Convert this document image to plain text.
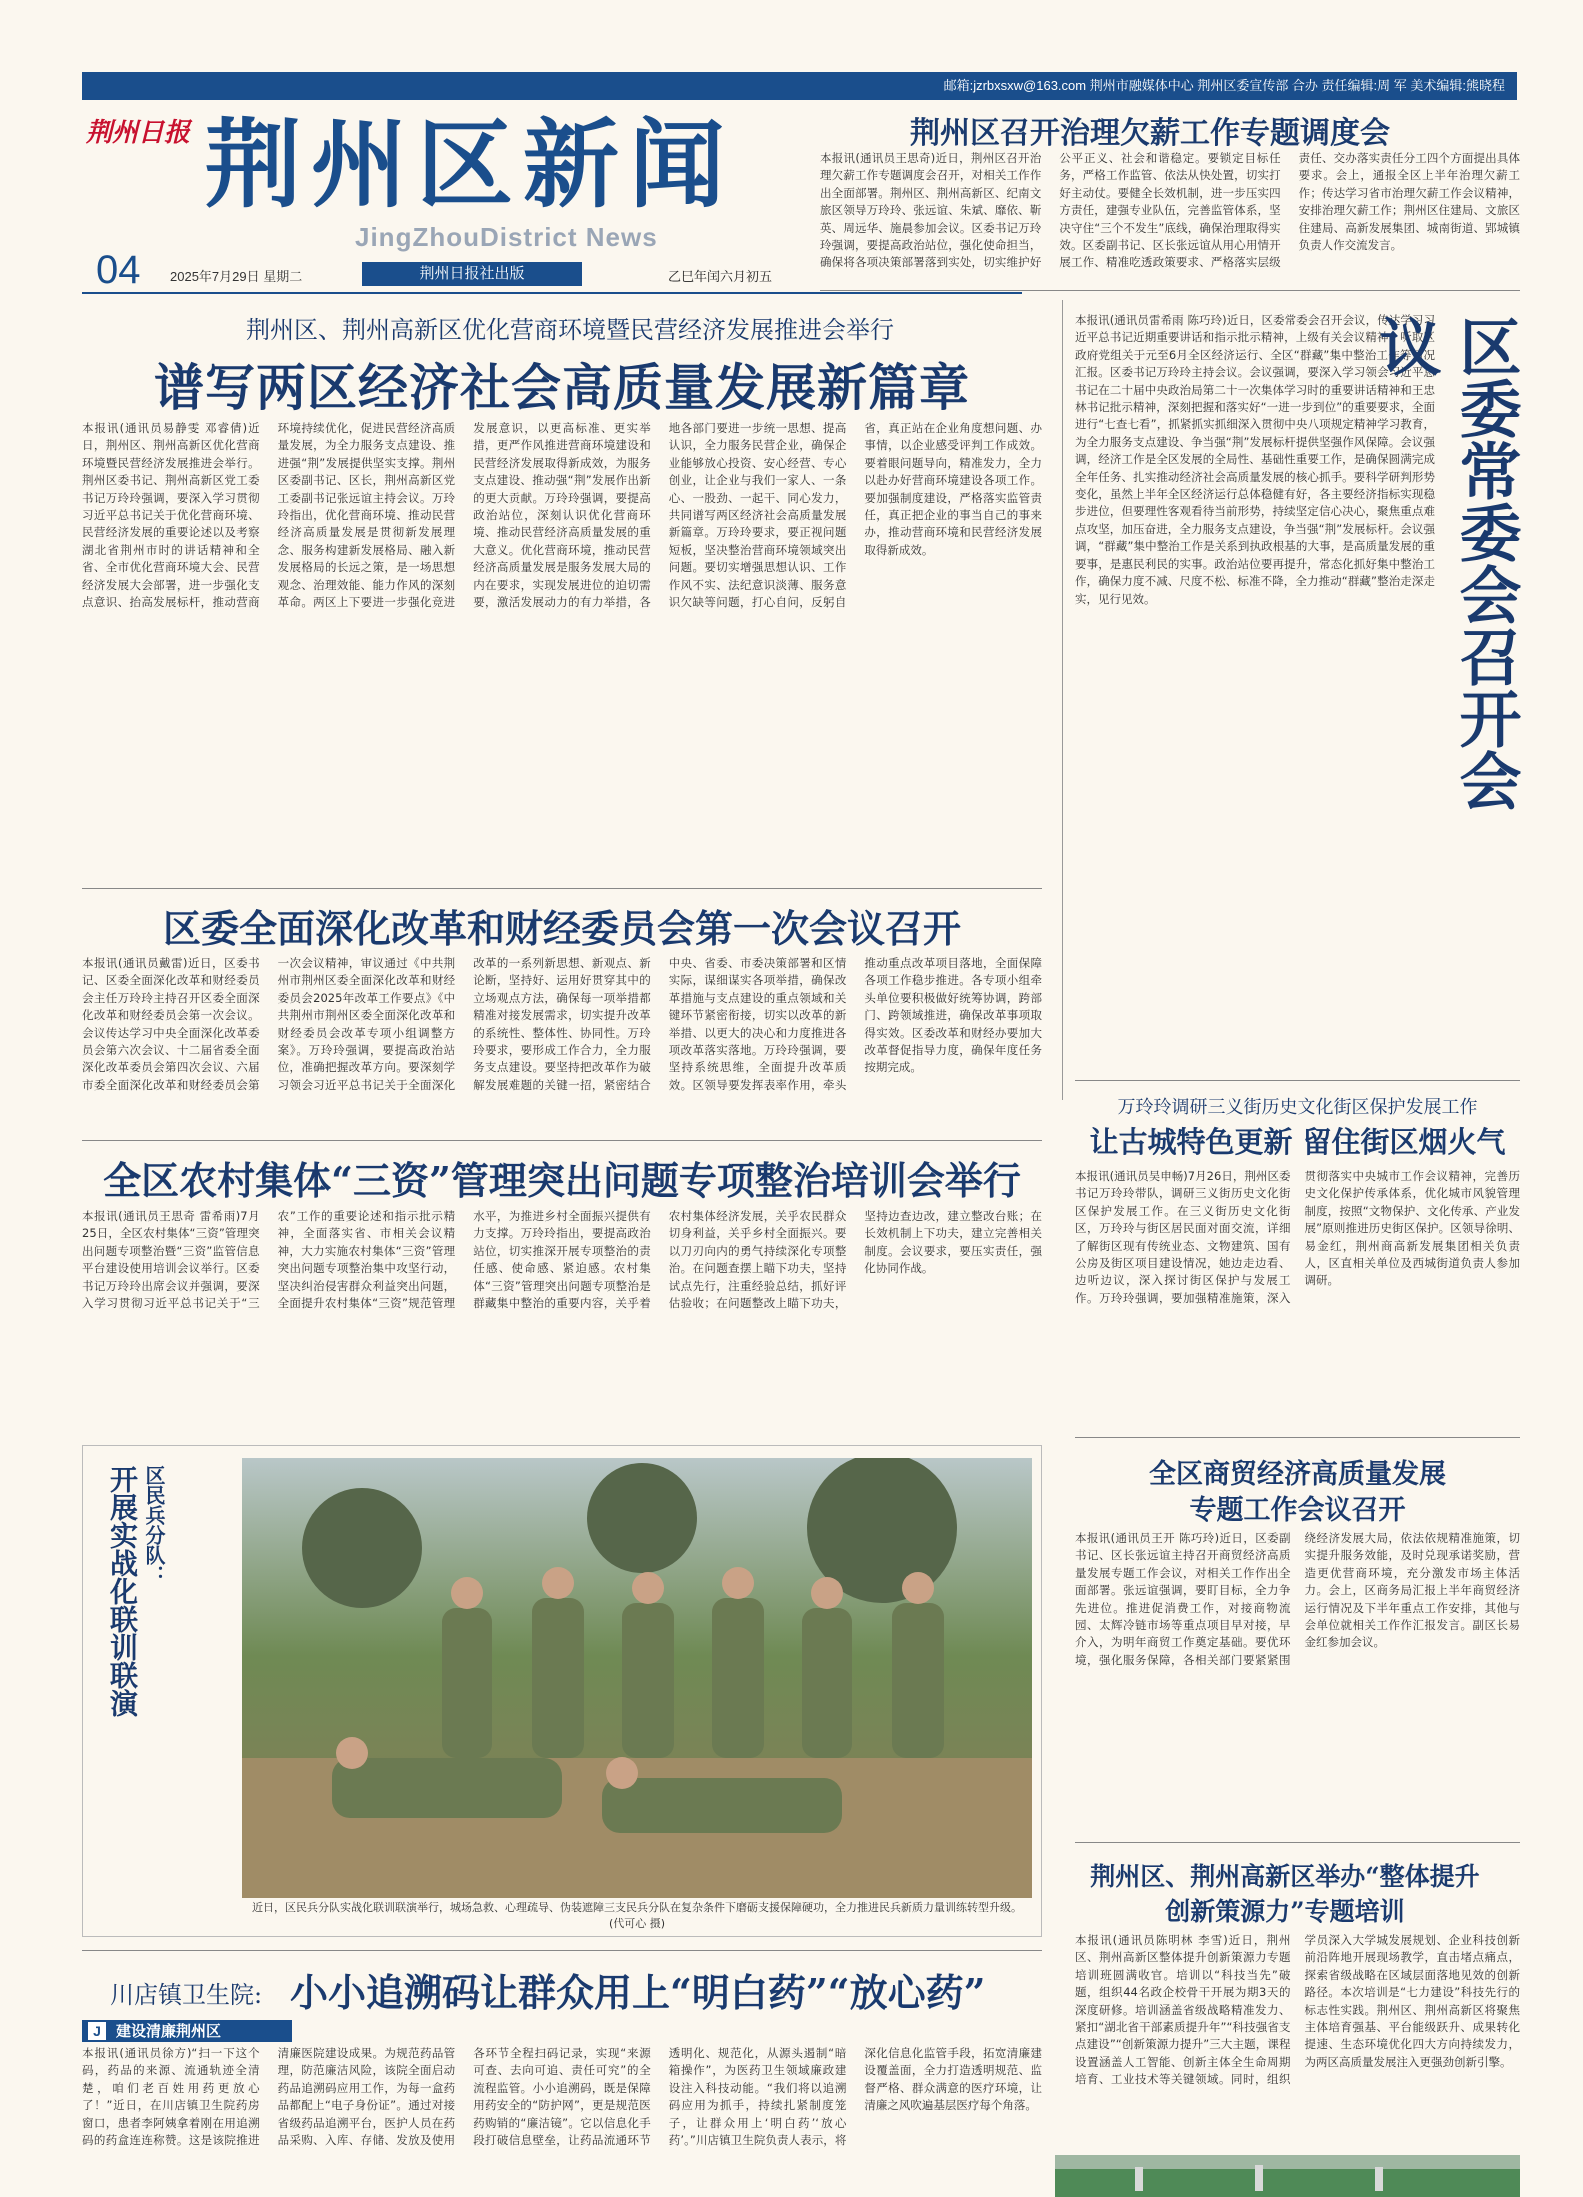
邮箱:jzrbxsxw@163.com 荆州市融媒体中心 荆州区委宣传部 合办 责任编辑:周 军 美术编辑:熊晓程
荆州日报 荆州区新闻
JingZhouDistrict News
04 2025年7月29日 星期二	荆州日报社出版	乙巳年闰六月初五
荆州区召开治理欠薪工作专题调度会
本报讯(通讯员王思奇)近日，荆州区召开治理欠薪工作专题调度会召开，对相关工作作出全面部署。荆州区、荆州高新区、纪南文旅区领导万玲玲、张远谊、朱斌、靡依、靳英、周远华、施晨参加会议。区委书记万玲玲强调，要提高政治站位，强化使命担当，确保将各项决策部署落到实处，切实维护好公平正义、社会和谐稳定。要锁定目标任务，严格工作监管、依法从快处置，切实打好主动仗。要健全长效机制，进一步压实四方责任，建强专业队伍，完善监管体系，坚决守住“三个不发生”底线，确保治理取得实效。区委副书记、区长张远谊从用心用情开展工作、精准吃透政策要求、严格落实层级责任、交办落实责任分工四个方面提出具体要求。会上，通报全区上半年治理欠薪工作；传达学习省市治理欠薪工作会议精神，安排治理欠薪工作；荆州区住建局、文旅区住建局、高新发展集团、城南街道、郢城镇负责人作交流发言。
荆州区、荆州高新区优化营商环境暨民营经济发展推进会举行
谱写两区经济社会高质量发展新篇章
本报讯(通讯员易静雯 邓睿倩)近日，荆州区、荆州高新区优化营商环境暨民营经济发展推进会举行。荆州区委书记、荆州高新区党工委书记万玲玲强调，要深入学习贯彻习近平总书记关于优化营商环境、民营经济发展的重要论述以及考察湖北省荆州市时的讲话精神和全省、全市优化营商环境大会、民营经济发展大会部署，进一步强化支点意识、抬高发展标杆，推动营商环境持续优化，促进民营经济高质量发展，为全力服务支点建设、推进强“荆”发展提供坚实支撑。荆州区委副书记、区长，荆州高新区党工委副书记张远谊主持会议。万玲玲指出，优化营商环境、推动民营经济高质量发展是贯彻新发展理念、服务构建新发展格局、融入新发展格局的长远之策，是一场思想观念、治理效能、能力作风的深刻革命。两区上下要进一步强化竞进发展意识，以更高标准、更实举措，更严作风推进营商环境建设和民营经济发展取得新成效，为服务支点建设、推动强“荆”发展作出新的更大贡献。万玲玲强调，要提高政治站位，深刻认识优化营商环境、推动民营经济高质量发展的重大意义。优化营商环境，推动民营经济高质量发展是服务发展大局的内在要求，实现发展进位的迫切需要，激活发展动力的有力举措，各地各部门要进一步统一思想、提高认识，全力服务民营企业，确保企业能够放心投资、安心经营、专心创业，让企业与我们一家人、一条心、一股劲、一起干、同心发力，共同谱写两区经济社会高质量发展新篇章。万玲玲要求，要正视问题短板，坚决整治营商环境领域突出问题。要切实增强思想认识、工作作风不实、法纪意识淡薄、服务意识欠缺等问题，打心自问，反躬自省，真正站在企业角度想问题、办事情，以企业感受评判工作成效。要着眼问题导向，精准发力，全力以赴办好营商环境建设各项工作。要加强制度建设，严格落实监管责任，真正把企业的事当自己的事来办，推动营商环境和民营经济发展取得新成效。
本报讯(通讯员雷希雨 陈巧玲)近日，区委常委会召开会议，传达学习习近平总书记近期重要讲话和指示批示精神，上级有关会议精神；听取区政府党组关于元至6月全区经济运行、全区“群藏”集中整治工作等情况汇报。区委书记万玲玲主持会议。会议强调，要深入学习领会习近平总书记在二十届中央政治局第二十一次集体学习时的重要讲话精神和王忠林书记批示精神，深刻把握和落实好“一进一步到位”的重要要求，全面进行“七查七看”，抓紧抓实抓细深入贯彻中央八项规定精神学习教育，为全力服务支点建设、争当强“荆”发展标杆提供坚强作风保障。会议强调，经济工作是全区发展的全局性、基础性重要工作，是确保圆满完成全年任务、扎实推动经济社会高质量发展的核心抓手。要科学研判形势变化，虽然上半年全区经济运行总体稳健有好，各主要经济指标实现稳步进位，但要理性客观看待当前形势，持续坚定信心决心，聚焦重点难点攻坚，加压奋进，全力服务支点建设，争当强“荆”发展标杆。会议强调，“群藏”集中整治工作是关系到执政根基的大事，是高质量发展的重要事，是惠民利民的实事。政治站位要再提升，常态化抓好集中整治工作，确保力度不减、尺度不松、标准不降，全力推动“群藏”整治走深走实，见行见效。	区委常委会召开会议
区委全面深化改革和财经委员会第一次会议召开
本报讯(通讯员戴雷)近日，区委书记、区委全面深化改革和财经委员会主任万玲玲主持召开区委全面深化改革和财经委员会第一次会议。会议传达学习中央全面深化改革委员会第六次会议、十二届省委全面深化改革委员会第四次会议、六届市委全面深化改革和财经委员会第一次会议精神，审议通过《中共荆州市荆州区委全面深化改革和财经委员会2025年改革工作要点》《中共荆州市荆州区委全面深化改革和财经委员会改革专项小组调整方案》。万玲玲强调，要提高政治站位，准确把握改革方向。要深刻学习领会习近平总书记关于全面深化改革的一系列新思想、新观点、新论断，坚持好、运用好贯穿其中的立场观点方法，确保每一项举措都精准对接发展需求，切实提升改革的系统性、整体性、协同性。万玲玲要求，要形成工作合力，全力服务支点建设。要坚持把改革作为破解发展难题的关键一招，紧密结合中央、省委、市委决策部署和区情实际，谋细谋实各项举措，确保改革措施与支点建设的重点领域和关键环节紧密衔接，切实以改革的新举措、以更大的决心和力度推进各项改革落实落地。万玲玲强调，要坚持系统思维，全面提升改革质效。区领导要发挥表率作用，牵头推动重点改革项目落地，全面保障各项工作稳步推进。各专项小组牵头单位要积极做好统筹协调，跨部门、跨领域推进，确保改革事项取得实效。区委改革和财经办要加大改革督促指导力度，确保年度任务按期完成。
万玲玲调研三义街历史文化街区保护发展工作
让古城特色更新 留住街区烟火气
本报讯(通讯员吴申畅)7月26日，荆州区委书记万玲玲带队，调研三义街历史文化街区保护发展工作。在三义街历史文化街区，万玲玲与街区居民面对面交流，详细了解街区现有传统业态、文物建筑、国有公房及街区项目建设情况，她边走边看、边听边议，深入探讨街区保护与发展工作。万玲玲强调，要加强精准施策，深入贯彻落实中央城市工作会议精神，完善历史文化保护传承体系，优化城市风貌管理制度，按照“文物保护、文化传承、产业发展”原则推进历史街区保护。区领导徐明、易金红，荆州商高新发展集团相关负责人，区直相关单位及西城街道负责人参加调研。
全区农村集体“三资”管理突出问题专项整治培训会举行
本报讯(通讯员王思奇 雷希雨)7月25日，全区农村集体“三资”管理突出问题专项整治暨“三资”监管信息平台建设使用培训会议举行。区委书记万玲玲出席会议并强调，要深入学习贯彻习近平总书记关于“三农”工作的重要论述和指示批示精神，全面落实省、市相关会议精神，大力实施农村集体“三资”管理突出问题专项整治集中攻坚行动，坚决纠治侵害群众利益突出问题，全面提升农村集体“三资”规范管理水平，为推进乡村全面振兴提供有力支撑。万玲玲指出，要提高政治站位，切实推深开展专项整治的责任感、使命感、紧迫感。农村集体“三资”管理突出问题专项整治是群藏集中整治的重要内容，关乎着农村集体经济发展，关乎农民群众切身利益，关乎乡村全面振兴。要以刀刃向内的勇气持续深化专项整治。在问题查摆上瞄下功夫，坚持试点先行，注重经验总结，抓好评估验收；在问题整改上瞄下功夫，坚持边查边改，建立整改台账；在长效机制上下功夫，建立完善相关制度。会议要求，要压实责任，强化协同作战。
区民兵分队：
开展实战化联训联演
近日，区民兵分队实战化联训联演举行，城场急救、心理疏导、伪装遮障三支民兵分队在复杂条件下磨砺支援保障硬功，全力推进民兵新质力量训练转型升级。 (代可心 摄)
全区商贸经济高质量发展
专题工作会议召开
本报讯(通讯员王开 陈巧玲)近日，区委副书记、区长张远谊主持召开商贸经济高质量发展专题工作会议，对相关工作作出全面部署。张远谊强调，要盯目标，全力争先进位。推进促消费工作，对接商物流园、太辉冷链市场等重点项目早对接，早介入，为明年商贸工作奠定基础。要优环境，强化服务保障，各相关部门要紧紧围绕经济发展大局，依法依规精准施策，切实提升服务效能，及时兑现承诺奖励，营造更优营商环境，充分激发市场主体活力。会上，区商务局汇报上半年商贸经济运行情况及下半年重点工作安排，其他与会单位就相关工作作汇报发言。副区长易金红参加会议。
荆州区、荆州高新区举办“整体提升
创新策源力”专题培训
本报讯(通讯员陈明林 李雪)近日，荆州区、荆州高新区整体提升创新策源力专题培训班圆满收官。培训以“科技当先”破题，组织44名政企校骨干开展为期3天的深度研修。培训涵盖省级战略精准发力、紧扣“湖北省干部素质提升年”“科技强省支点建设”“创新策源力提升”三大主题，课程设置涵盖人工智能、创新主体全生命周期培育、工业技术等关键领域。同时，组织学员深入大学城发展规划、企业科技创新前沿阵地开展现场教学，直击堵点痛点，探索省级战略在区域层面落地见效的创新路径。本次培训是“七力建设”科技先行的标志性实践。荆州区、荆州高新区将聚焦主体培育强基、平台能级跃升、成果转化提速、生态环境优化四大方向持续发力，为两区高质量发展注入更强劲创新引擎。
川店镇卫生院: 小小追溯码让群众用上“明白药”“放心药”
J	建设清廉荆州区
本报讯(通讯员徐方)“扫一下这个码，药品的来源、流通轨迹全清楚，咱们老百姓用药更放心了！”近日，在川店镇卫生院药房窗口，患者李阿姨拿着刚在用追溯码的药盒连连称赞。这是该院推进清廉医院建设成果。为规范药品管理，防范廉洁风险，该院全面启动药品追溯码应用工作，为每一盒药品都配上“电子身份证”。通过对接省级药品追溯平台，医护人员在药品采购、入库、存储、发放及使用各环节全程扫码记录，实现“来源可查、去向可追、责任可究”的全流程监管。小小追溯码，既是保障用药安全的“防护网”，更是规范医药购销的“廉洁镜”。它以信息化手段打破信息壁垒，让药品流通环节透明化、规范化，从源头遏制“暗箱操作”，为医药卫生领域廉政建设注入科技动能。“我们将以追溯码应用为抓手，持续扎紧制度笼子，让群众用上‘明白药’‘放心药’。”川店镇卫生院负责人表示，将深化信息化监管手段，拓宽清廉建设覆盖面，全力打造透明规范、监督严格、群众满意的医疗环境，让清廉之风吹遍基层医疗每个角落。
